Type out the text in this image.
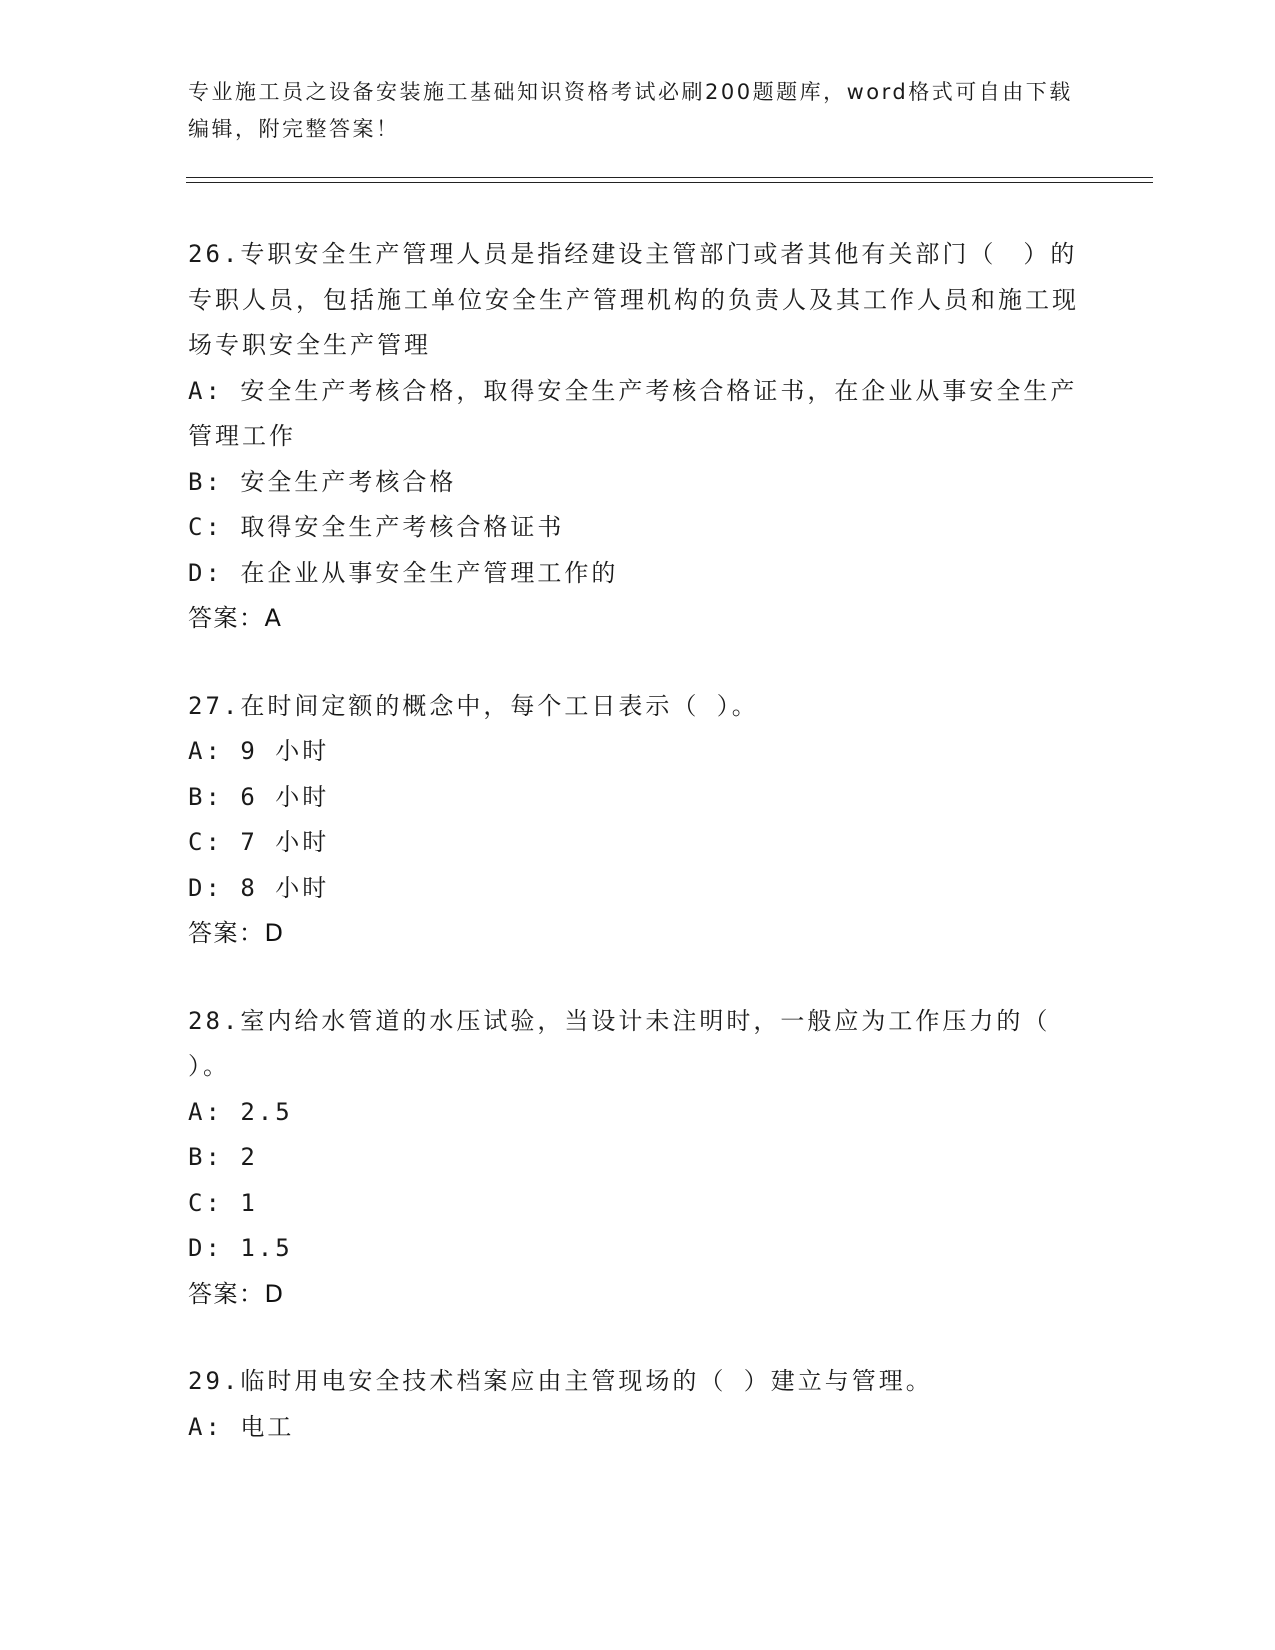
专业施工员之设备安装施工基础知识资格考试必刷200题题库，word格式可自由下载编辑，附完整答案！
26.专职安全生产管理人员是指经建设主管部门或者其他有关部门（　）的专职人员，包括施工单位安全生产管理机构的负责人及其工作人员和施工现场专职安全生产管理
A: 安全生产考核合格，取得安全生产考核合格证书，在企业从事安全生产管理工作
B: 安全生产考核合格
C: 取得安全生产考核合格证书
D: 在企业从事安全生产管理工作的
答案：A
27.在时间定额的概念中，每个工日表示（ ）。
A: 9 小时
B: 6 小时
C: 7 小时
D: 8 小时
答案：D
28.室内给水管道的水压试验，当设计未注明时，一般应为工作压力的（ ）。
A: 2.5
B: 2
C: 1
D: 1.5
答案：D
29.临时用电安全技术档案应由主管现场的（ ）建立与管理。
A: 电工
